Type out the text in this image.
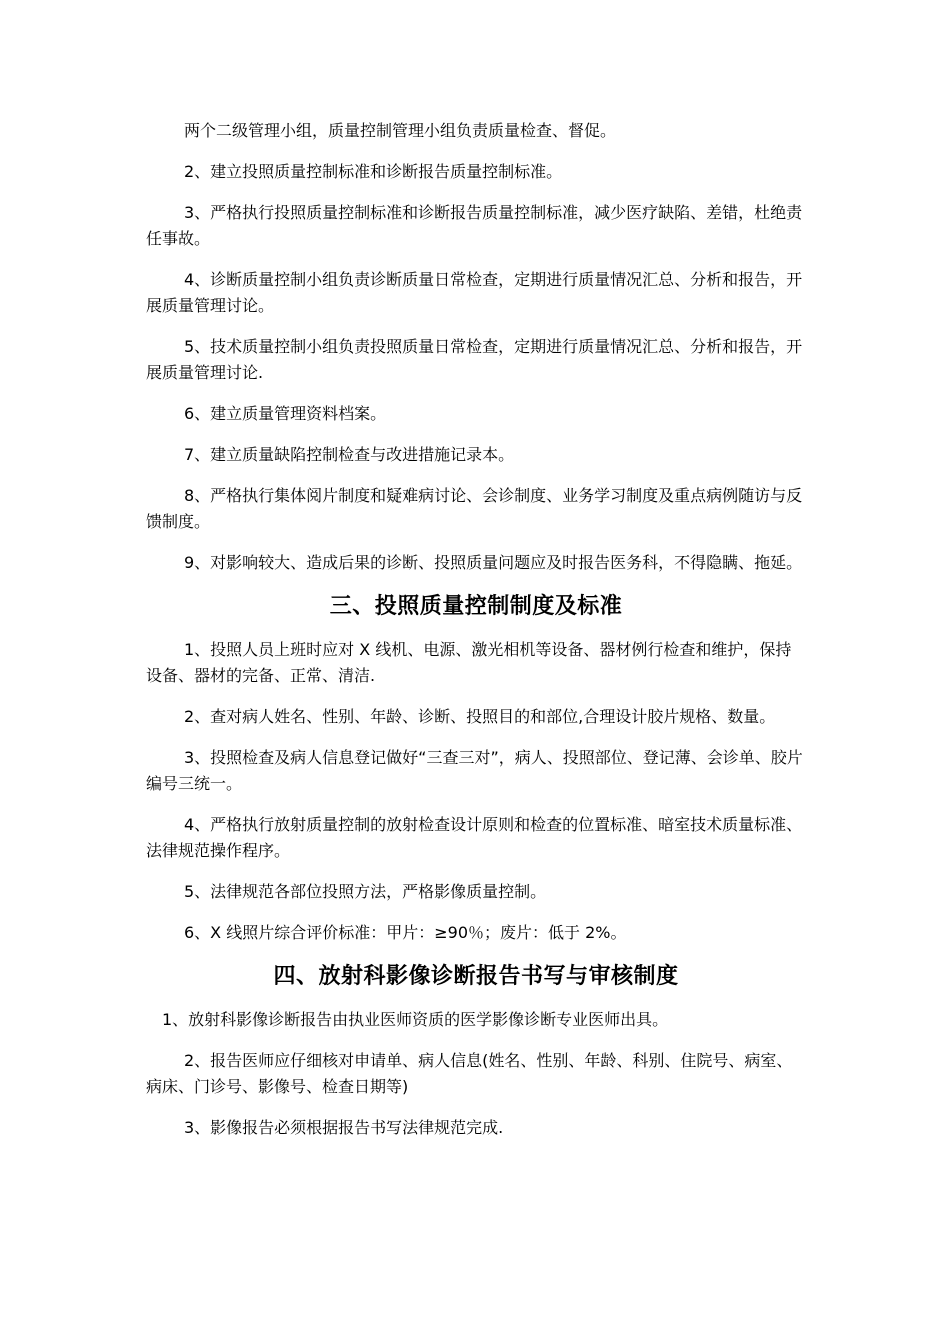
两个二级管理小组，质量控制管理小组负责质量检查、督促。

2、建立投照质量控制标准和诊断报告质量控制标准。

3、严格执行投照质量控制标准和诊断报告质量控制标准，减少医疗缺陷、差错，杜绝责任事故。

4、诊断质量控制小组负责诊断质量日常检查，定期进行质量情况汇总、分析和报告，开展质量管理讨论。

5、技术质量控制小组负责投照质量日常检查，定期进行质量情况汇总、分析和报告，开展质量管理讨论.

6、建立质量管理资料档案。

7、建立质量缺陷控制检查与改进措施记录本。

8、严格执行集体阅片制度和疑难病讨论、会诊制度、业务学习制度及重点病例随访与反馈制度。

9、对影响较大、造成后果的诊断、投照质量问题应及时报告医务科，不得隐瞒、拖延。

三、投照质量控制制度及标准

1、投照人员上班时应对 X 线机、电源、激光相机等设备、器材例行检查和维护，保持设备、器材的完备、正常、清洁.

2、查对病人姓名、性别、年龄、诊断、投照目的和部位,合理设计胶片规格、数量。

3、投照检查及病人信息登记做好“三查三对”，病人、投照部位、登记薄、会诊单、胶片编号三统一。

4、严格执行放射质量控制的放射检查设计原则和检查的位置标准、暗室技术质量标准、法律规范操作程序。

5、法律规范各部位投照方法，严格影像质量控制。

6、X 线照片综合评价标准：甲片：≥90％；废片：低于 2%。

四、放射科影像诊断报告书写与审核制度

1、放射科影像诊断报告由执业医师资质的医学影像诊断专业医师出具。

2、报告医师应仔细核对申请单、病人信息(姓名、性别、年龄、科别、住院号、病室、病床、门诊号、影像号、检查日期等)

3、影像报告必须根据报告书写法律规范完成.
